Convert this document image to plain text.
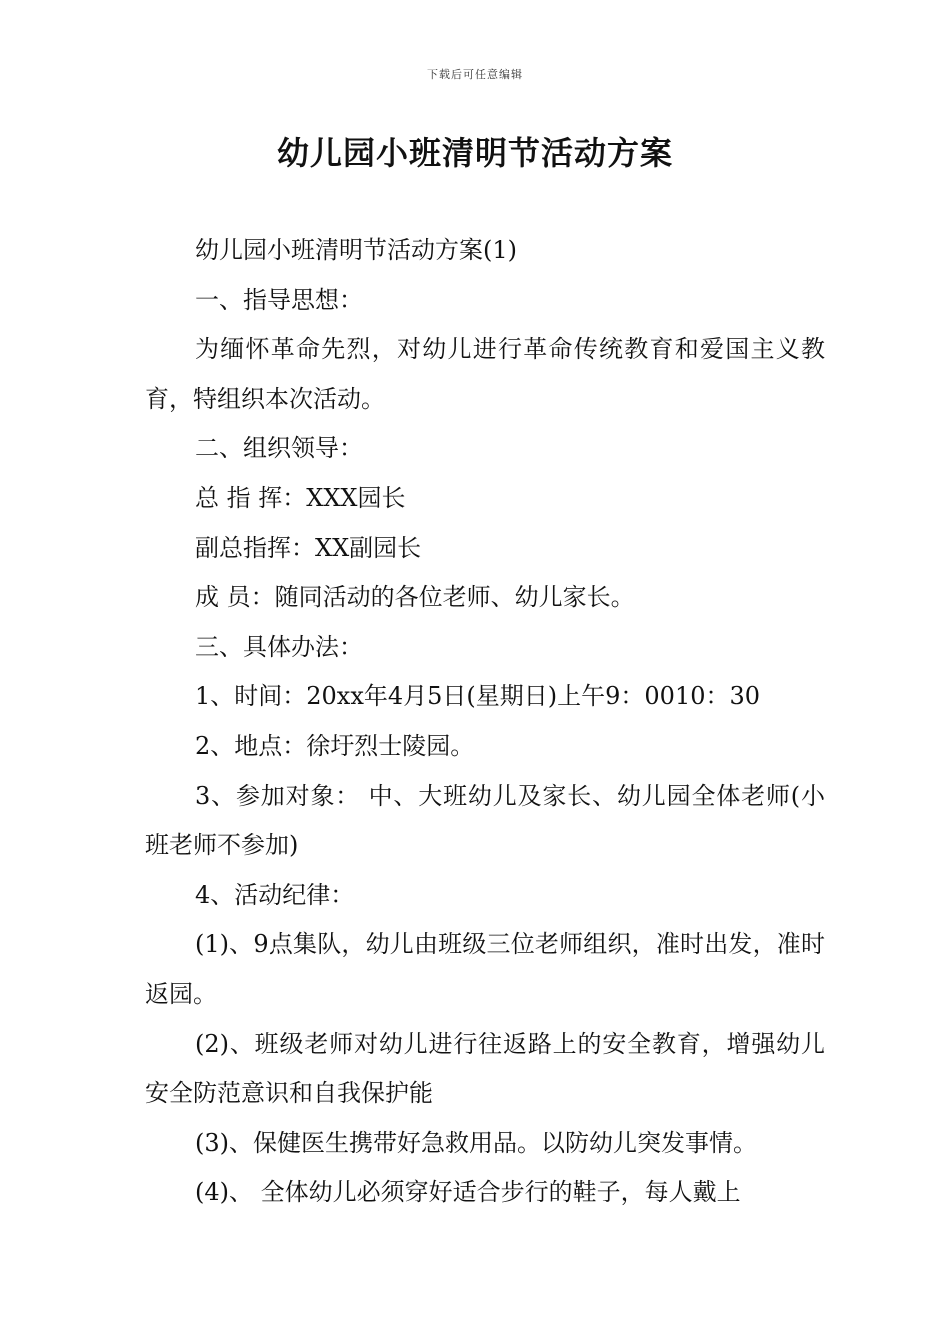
下载后可任意编辑
幼儿园小班清明节活动方案

幼儿园小班清明节活动方案(1)

一、指导思想：

为缅怀革命先烈，对幼儿进行革命传统教育和爱国主义教育，特组织本次活动。

二、组织领导：

总 指 挥：XXX园长

副总指挥：XX副园长

成 员：随同活动的各位老师、幼儿家长。

三、具体办法：

1、时间：20xx年4月5日(星期日)上午9：0010：30

2、地点：徐圩烈士陵园。

3、参加对象： 中、大班幼儿及家长、幼儿园全体老师(小班老师不参加)

4、活动纪律：

(1)、9点集队，幼儿由班级三位老师组织，准时出发，准时返园。

(2)、班级老师对幼儿进行往返路上的安全教育，增强幼儿安全防范意识和自我保护能

(3)、保健医生携带好急救用品。以防幼儿突发事情。

(4)、 全体幼儿必须穿好适合步行的鞋子，每人戴上
